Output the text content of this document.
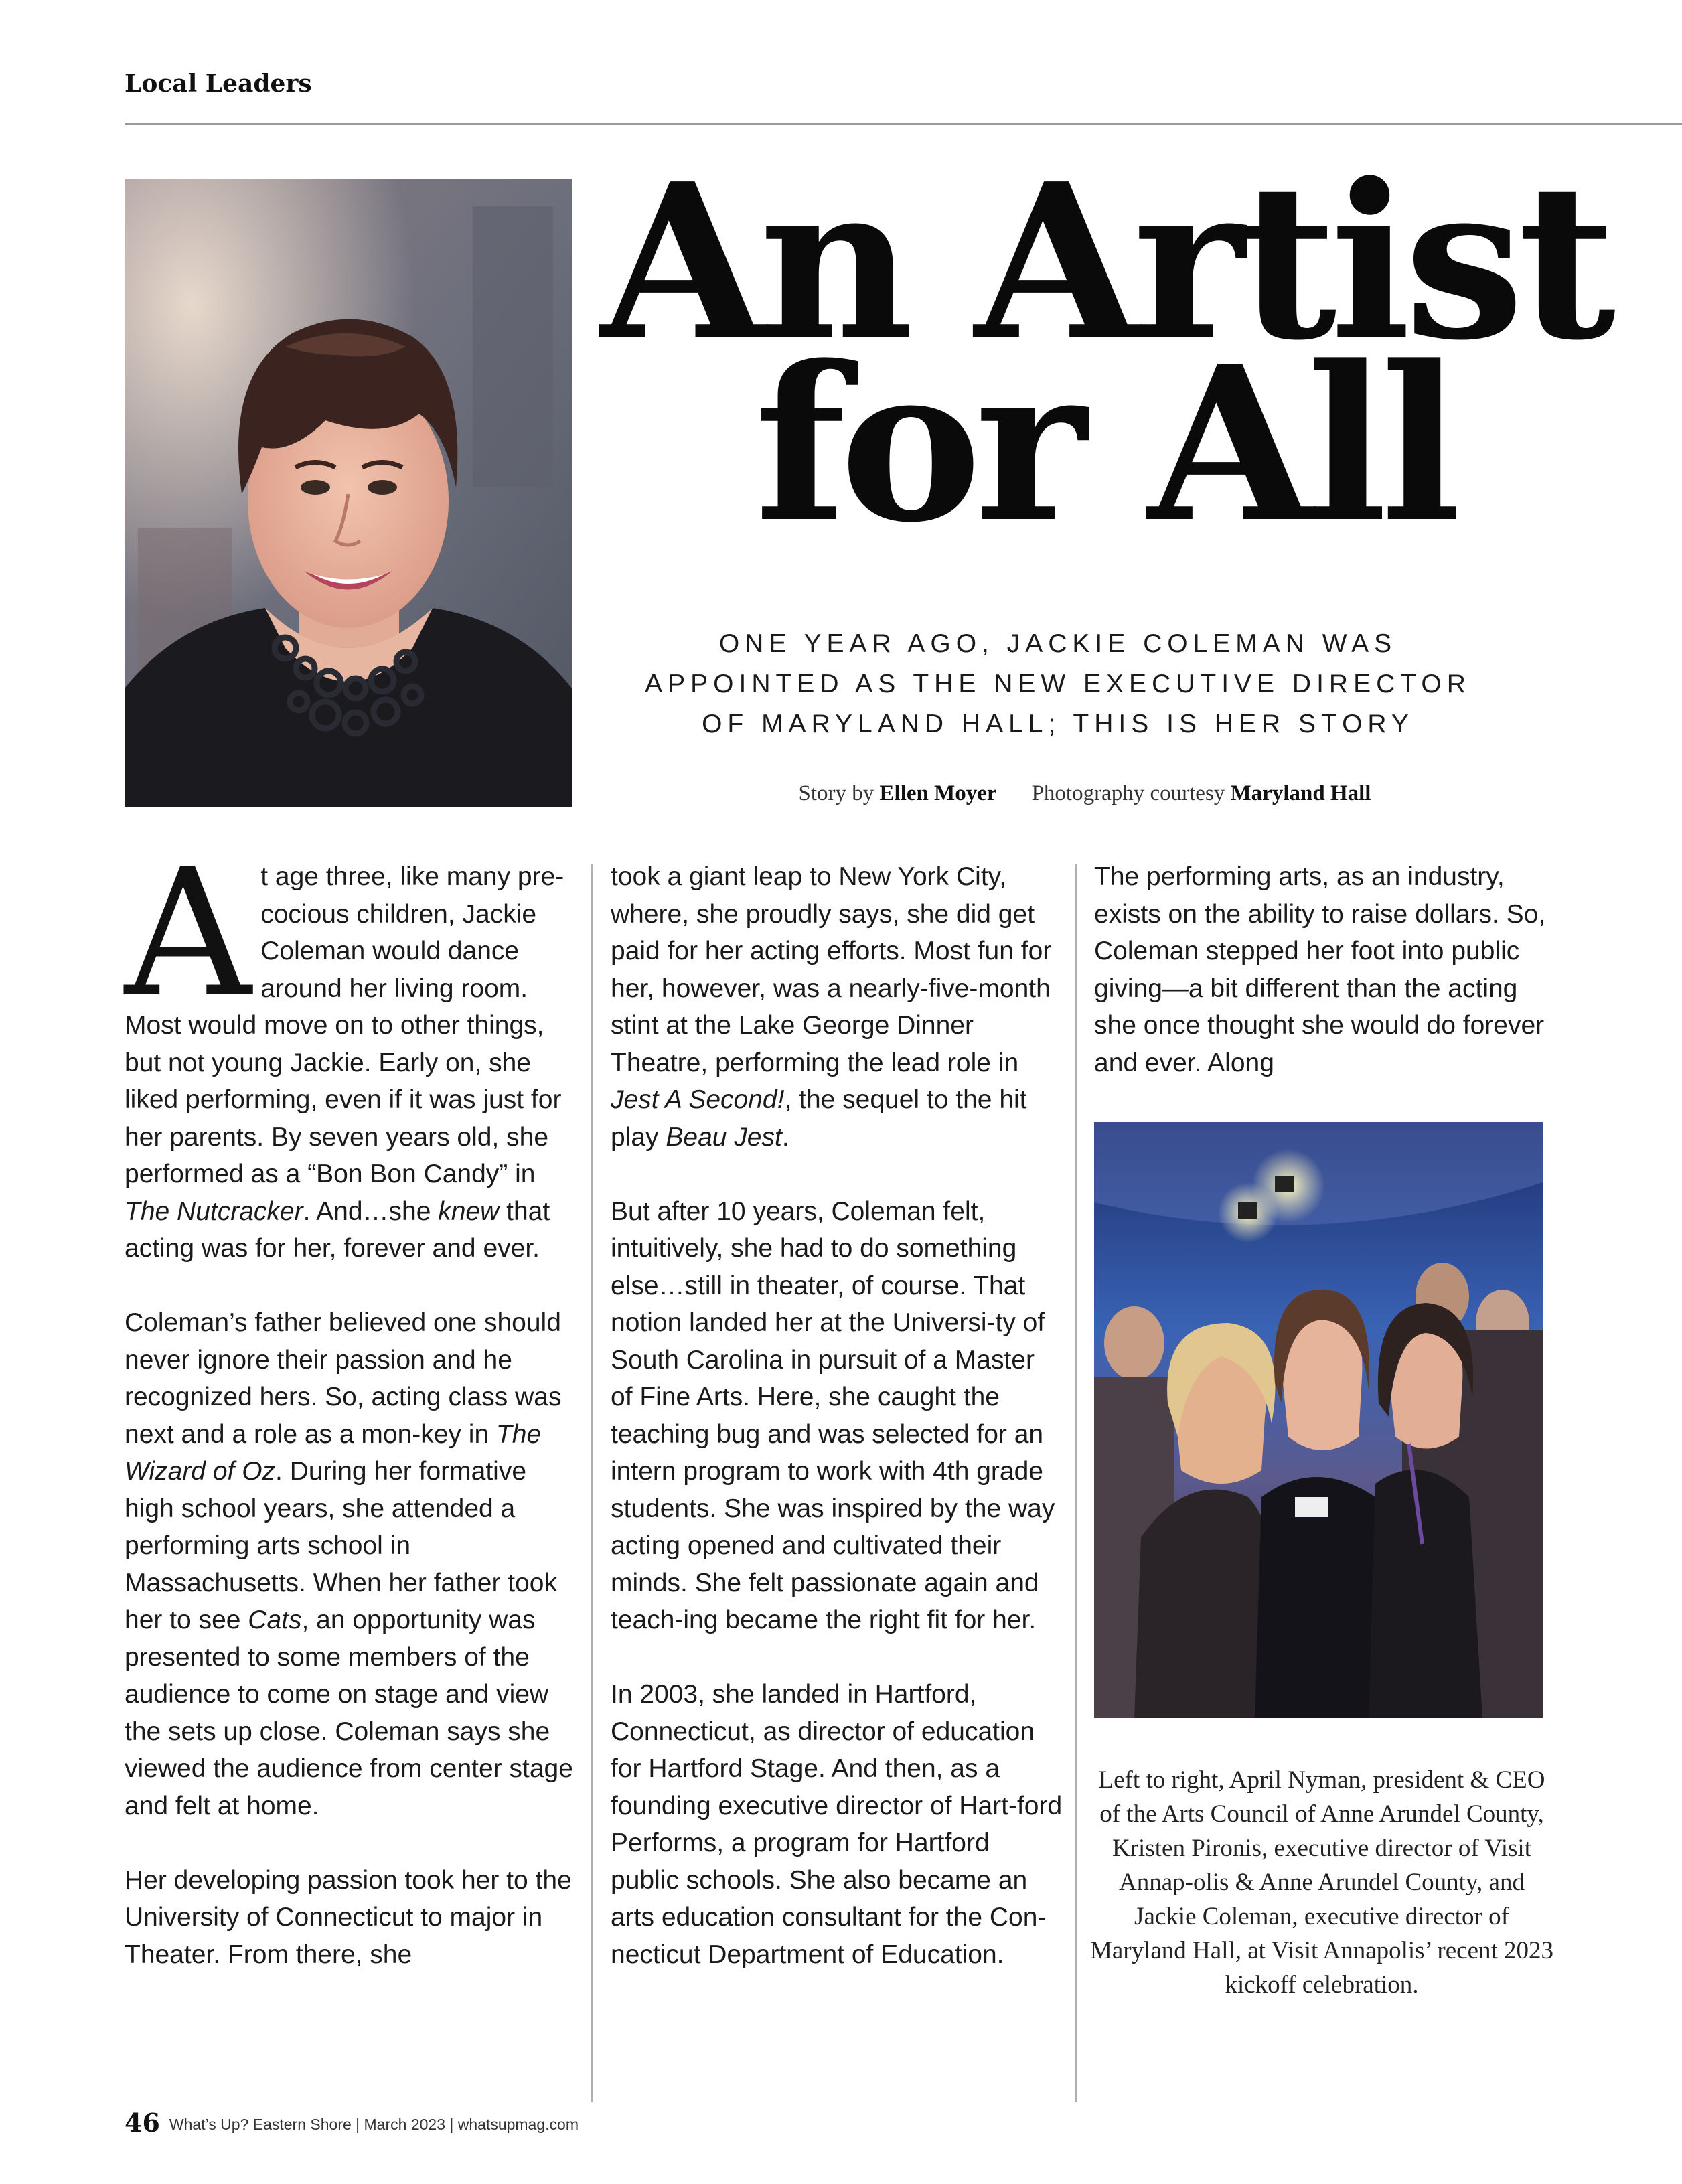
Local Leaders
An Artist
for All
ONE YEAR AGO, JACKIE COLEMAN WAS
APPOINTED AS THE NEW EXECUTIVE DIRECTOR
OF MARYLAND HALL; THIS IS HER STORY
Story by Ellen Moyer Photography courtesy Maryland Hall

A t age three, like many pre-
cocious children, Jackie
Coleman would dance
around her living room.
Most would move on to other things, but not young Jackie. Early on, she liked performing, even if it was just for her parents. By seven years old, she performed as a “Bon Bon Candy” in The Nutcracker. And…she knew that acting was for her, forever and ever.

Coleman’s father believed one should never ignore their passion and he recognized hers. So, acting class was next and a role as a mon-key in The Wizard of Oz. During her formative high school years, she attended a performing arts school in Massachusetts. When her father took her to see Cats, an opportunity was presented to some members of the audience to come on stage and view the sets up close. Coleman says she viewed the audience from center stage and felt at home.

Her developing passion took her to the University of Connecticut to major in Theater. From there, she

took a giant leap to New York City, where, she proudly says, she did get paid for her acting efforts. Most fun for her, however, was a nearly-five-month stint at the Lake George Dinner Theatre, performing the lead role in Jest A Second!, the sequel to the hit play Beau Jest.

But after 10 years, Coleman felt, intuitively, she had to do something else…still in theater, of course. That notion landed her at the Universi-ty of South Carolina in pursuit of a Master of Fine Arts. Here, she caught the teaching bug and was selected for an intern program to work with 4th grade students. She was inspired by the way acting opened and cultivated their minds. She felt passionate again and teach-ing became the right fit for her.

In 2003, she landed in Hartford, Connecticut, as director of education for Hartford Stage. And then, as a founding executive director of Hart-ford Performs, a program for Hartford public schools. She also became an arts education consultant for the Con-necticut Department of Education.

The performing arts, as an industry, exists on the ability to raise dollars. So, Coleman stepped her foot into public giving—a bit different than the acting she once thought she would do forever and ever. Along

Left to right, April Nyman, president & CEO of the Arts Council of Anne Arundel County, Kristen Pironis, executive director of Visit Annap-olis & Anne Arundel County, and Jackie Coleman, executive director of Maryland Hall, at Visit Annapolis’ recent 2023 kickoff celebration.
46 What’s Up? Eastern Shore | March 2023 | whatsupmag.com
